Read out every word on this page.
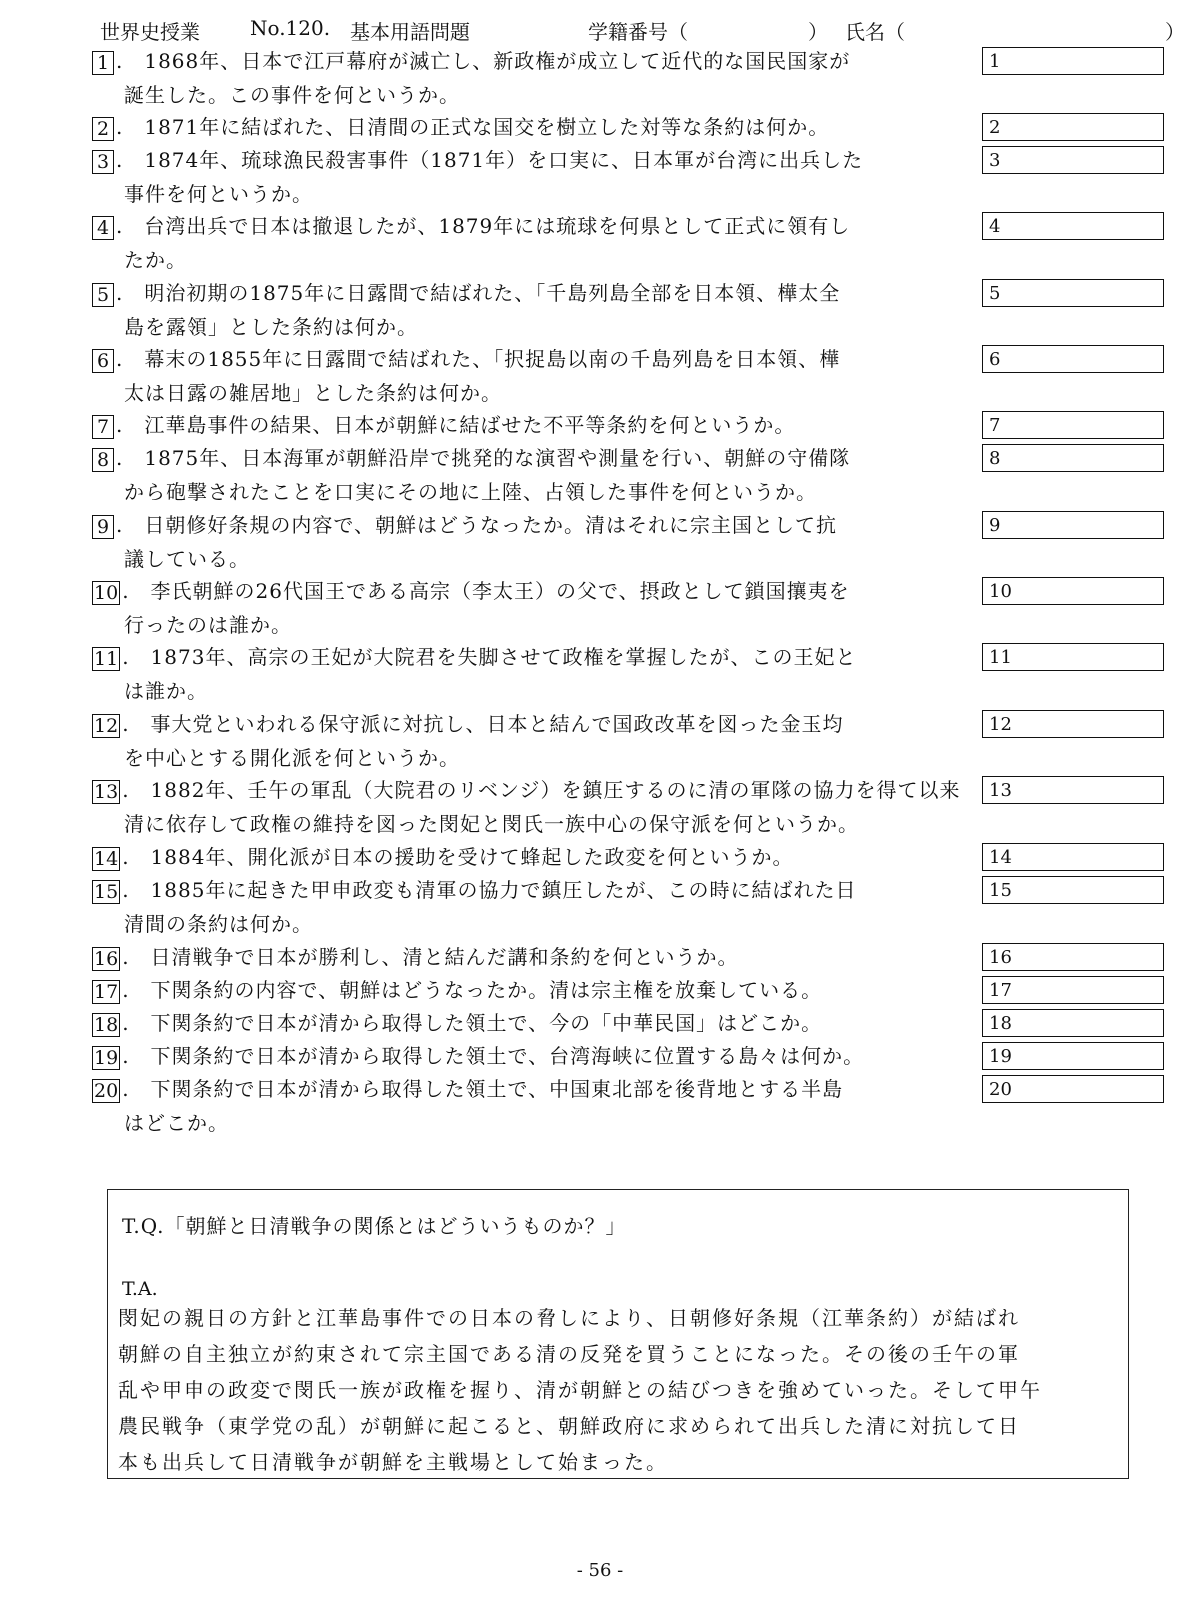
世界史授業	No.120. 基本用語問題	学籍番号（　　　　　　） 氏名（　　　　　　　　　　　　　）
1 . 1868年、日本で江戸幕府が滅亡し、新政権が成立して近代的な国民国家が	1
誕生した。この事件を何というか。
2 . 1871年に結ばれた、日清間の正式な国交を樹立した対等な条約は何か。	2
3 . 1874年、琉球漁民殺害事件（1871年）を口実に、日本軍が台湾に出兵した	3
事件を何というか。
4 . 台湾出兵で日本は撤退したが、1879年には琉球を何県として正式に領有し	4
たか。
5 . 明治初期の1875年に日露間で結ばれた、「千島列島全部を日本領、樺太全	5
島を露領」とした条約は何か。
6 . 幕末の1855年に日露間で結ばれた、「択捉島以南の千島列島を日本領、樺	6
太は日露の雑居地」とした条約は何か。
7 . 江華島事件の結果、日本が朝鮮に結ばせた不平等条約を何というか。	7
8 . 1875年、日本海軍が朝鮮沿岸で挑発的な演習や測量を行い、朝鮮の守備隊	8
から砲撃されたことを口実にその地に上陸、占領した事件を何というか。
9 . 日朝修好条規の内容で、朝鮮はどうなったか。清はそれに宗主国として抗	9
議している。
10 . 李氏朝鮮の26代国王である高宗（李太王）の父で、摂政として鎖国攘夷を	10
行ったのは誰か。
11 . 1873年、高宗の王妃が大院君を失脚させて政権を掌握したが、この王妃と	11
は誰か。
12 . 事大党といわれる保守派に対抗し、日本と結んで国政改革を図った金玉均	12
を中心とする開化派を何というか。
13 . 1882年、壬午の軍乱（大院君のリベンジ）を鎮圧するのに清の軍隊の協力を得て以来	13
清に依存して政権の維持を図った閔妃と閔氏一族中心の保守派を何というか。
14 . 1884年、開化派が日本の援助を受けて蜂起した政変を何というか。	14
15 . 1885年に起きた甲申政変も清軍の協力で鎮圧したが、この時に結ばれた日	15
清間の条約は何か。
16 . 日清戦争で日本が勝利し、清と結んだ講和条約を何というか。	16
17 . 下関条約の内容で、朝鮮はどうなったか。清は宗主権を放棄している。	17
18 . 下関条約で日本が清から取得した領土で、今の「中華民国」はどこか。	18
19 . 下関条約で日本が清から取得した領土で、台湾海峡に位置する島々は何か。	19
20 . 下関条約で日本が清から取得した領土で、中国東北部を後背地とする半島	20
はどこか。
T.Q.「朝鮮と日清戦争の関係とはどういうものか？」
T.A.

閔妃の親日の方針と江華島事件での日本の脅しにより、日朝修好条規（江華条約）が結ばれ

朝鮮の自主独立が約束されて宗主国である清の反発を買うことになった。その後の壬午の軍

乱や甲申の政変で閔氏一族が政権を握り、清が朝鮮との結びつきを強めていった。そして甲午

農民戦争（東学党の乱）が朝鮮に起こると、朝鮮政府に求められて出兵した清に対抗して日

本も出兵して日清戦争が朝鮮を主戦場として始まった。

- 56 -
